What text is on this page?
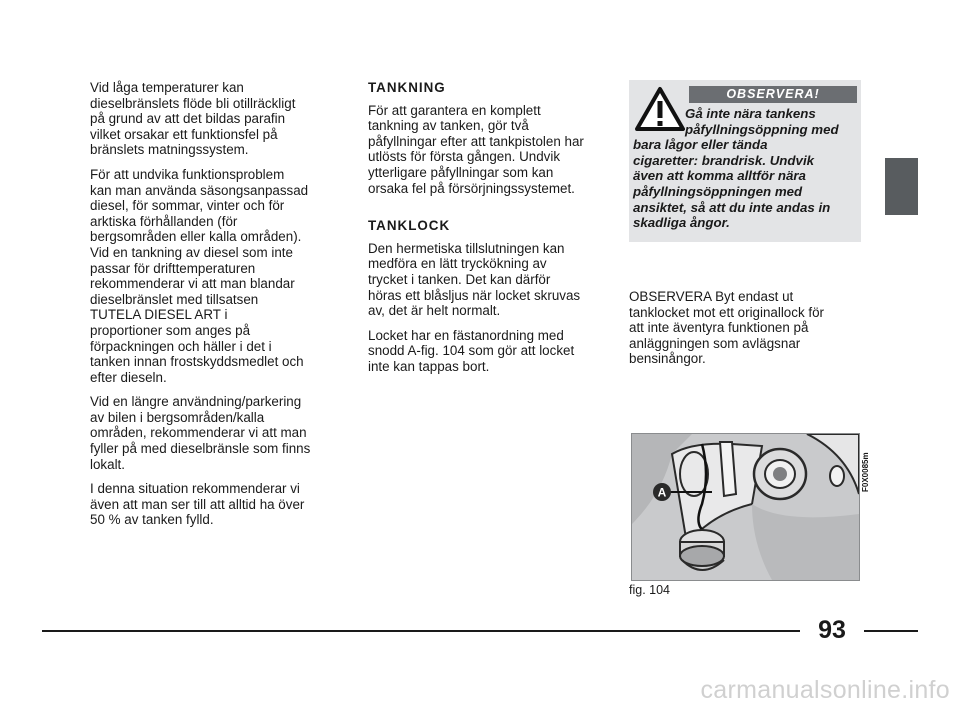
Vid låga temperaturer kan
dieselbränslets flöde bli otillräckligt
på grund av att det bildas parafin
vilket orsakar ett funktionsfel på
bränslets matningssystem.

För att undvika funktionsproblem
kan man använda säsongsanpassad
diesel, för sommar, vinter och för
arktiska förhållanden (för
bergsområden eller kalla områden).
Vid en tankning av diesel som inte
passar för drifttemperaturen
rekommenderar vi att man blandar
dieselbränslet med tillsatsen
TUTELA DIESEL ART i
proportioner som anges på
förpackningen och häller i det i
tanken innan frostskyddsmedlet och
efter dieseln.

Vid en längre användning/parkering
av bilen i bergsområden/kalla
områden, rekommenderar vi att man
fyller på med dieselbränsle som finns
lokalt.

I denna situation rekommenderar vi
även att man ser till att alltid ha över
50 % av tanken fylld.

TANKNING

För att garantera en komplett
tankning av tanken, gör två
påfyllningar efter att tankpistolen har
utlösts för första gången. Undvik
ytterligare påfyllningar som kan
orsaka fel på försörjningssystemet.

TANKLOCK

Den hermetiska tillslutningen kan
medföra en lätt tryckökning av
trycket i tanken. Det kan därför
höras ett blåsljus när locket skruvas
av, det är helt normalt.

Locket har en fästanordning med
snodd A-fig. 104 som gör att locket
inte kan tappas bort.

OBSERVERA!
Gå inte nära tankens
påfyllningsöppning med
bara lågor eller tända
cigaretter: brandrisk. Undvik
även att komma alltför nära
påfyllningsöppningen med
ansiktet, så att du inte andas in
skadliga ångor.
OBSERVERA Byt endast ut
tanklocket mot ett originallock för
att inte äventyra funktionen på
anläggningen som avlägsnar
bensinångor.
A
F0X0085m
fig. 104
93
carmanualsonline.info
